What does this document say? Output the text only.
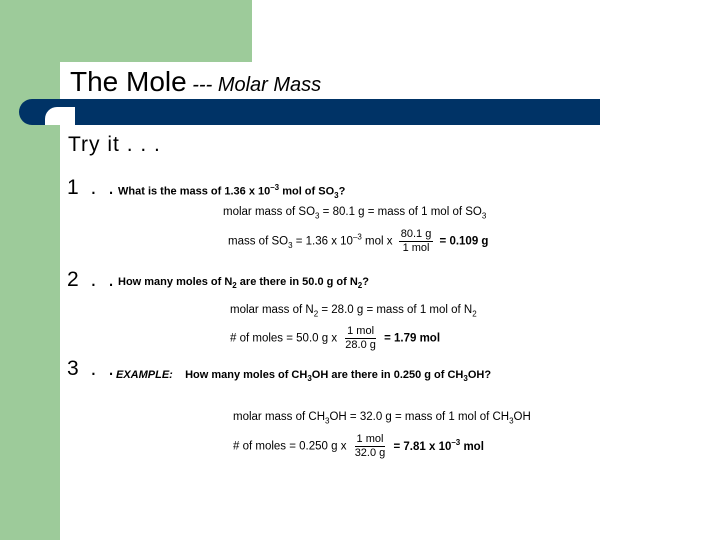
The Mole --- Molar Mass
Try it . . .
1 . . What is the mass of 1.36 x $10^{-3}$ mol of $SO_3$?
molar mass of $SO_3 = 80.1$ g = mass of 1 mol of $SO_3$
mass of $SO_3 = 1.36$ x $10^{-3}$ mol x $\frac{80.1 g}{\text{1 mol}} = 0.109$ g
2 . . How many moles of $N_2$ are there in 50.0 g of $N_2$?
molar mass of $N_2 = 28.0$ g = mass of 1 mol of $N_2$
# of moles = 50.0 g x $\frac{\text{1 mol}}{28.0 g} = 1.79$ mol
3 . .
EXAMPLE: How many moles of $CH_3OH$ are there in 0.250 g of $CH_3OH$?
molar mass of $CH_3OH = 32.0$ g = mass of 1 mol of $CH_3OH$
# of moles = 0.250 g x $\frac{\text{1 mol}}{32.0 g} = 7.81$ x $10^{-3}$ mol
